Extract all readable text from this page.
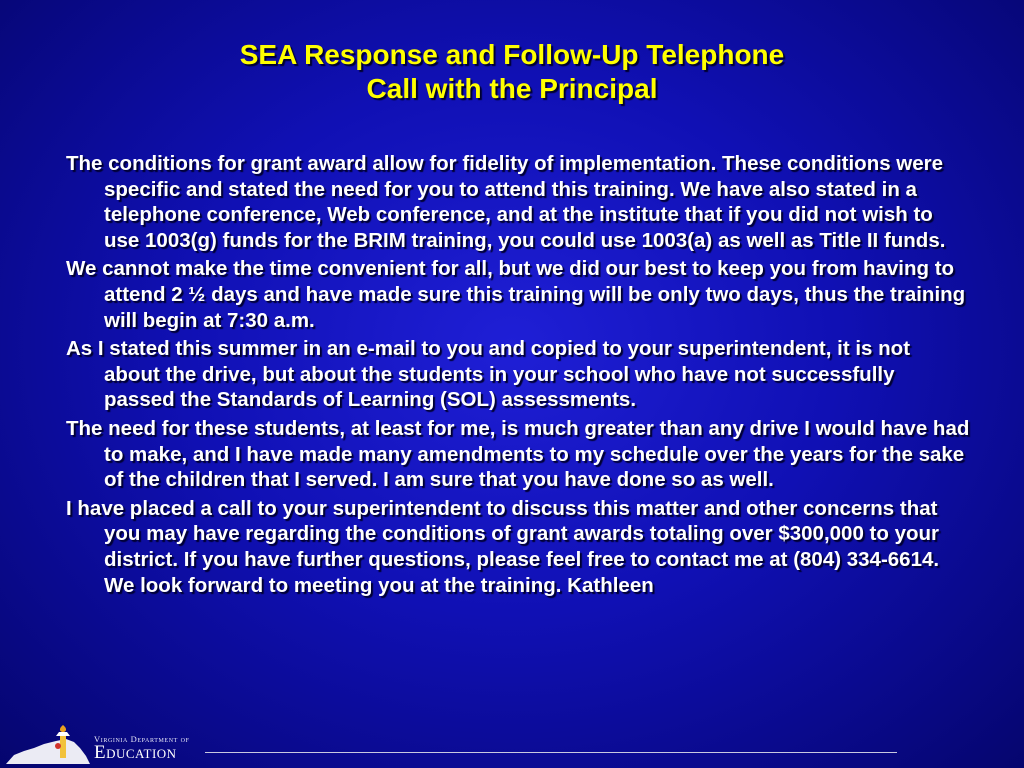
SEA Response and Follow-Up Telephone
Call with the Principal

The conditions for grant award allow for fidelity of implementation. These conditions were specific and stated the need for you to attend this training. We have also stated in a telephone conference, Web conference, and at the institute that if you did not wish to use 1003(g) funds for the BRIM training, you could use 1003(a) as well as Title II funds.

We cannot make the time convenient for all, but we did our best to keep you from having to attend 2 ½ days and have made sure this training will be only two days, thus the training will begin at 7:30 a.m.

As I stated this summer in an e-mail to you and copied to your superintendent, it is not about the drive, but about the students in your school who have not successfully passed the Standards of Learning (SOL) assessments.

The need for these students, at least for me, is much greater than any drive I would have had to make, and I have made many amendments to my schedule over the years for the sake of the children that I served. I am sure that you have done so as well.

I have placed a call to your superintendent to discuss this matter and other concerns that you may have regarding the conditions of grant awards totaling over $300,000 to your district. If you have further questions, please feel free to contact me at (804) 334-6614. We look forward to meeting you at the training. Kathleen

Virginia Department of
Education
